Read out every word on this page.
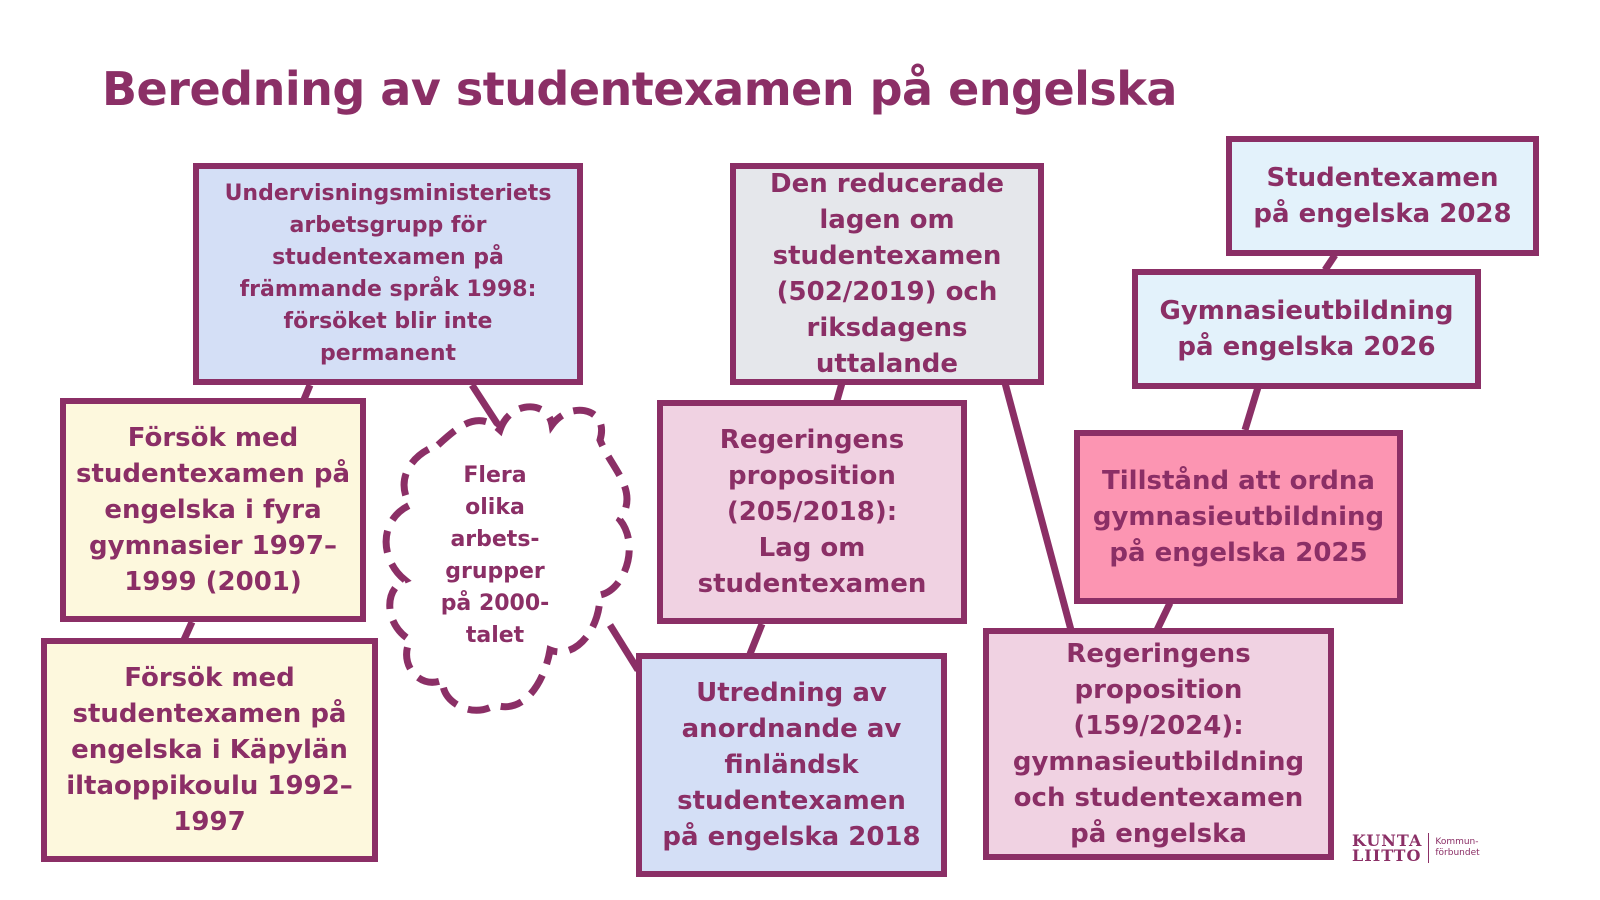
Beredning av studentexamen på engelska
Undervisningsministeriets
arbetsgrupp för
studentexamen på
främmande språk 1998:
försöket blir inte
permanent
Försök med
studentexamen på
engelska i fyra
gymnasier 1997–
1999 (2001)
Försök med
studentexamen på
engelska i Käpylän
iltaoppikoulu 1992–
1997
Flera
olika
arbets-
grupper
på 2000-
talet
Den reducerade
lagen om
studentexamen
(502/2019) och
riksdagens
uttalande
Regeringens
proposition
(205/2018):
Lag om
studentexamen
Utredning av
anordnande av
finländsk
studentexamen
på engelska 2018
Studentexamen
på engelska 2028
Gymnasieutbildning
på engelska 2026
Tillstånd att ordna
gymnasieutbildning
på engelska 2025
Regeringens
proposition
(159/2024):
gymnasieutbildning
och studentexamen
på engelska	KUNTA
LIITTO
Kommun-
förbundet
